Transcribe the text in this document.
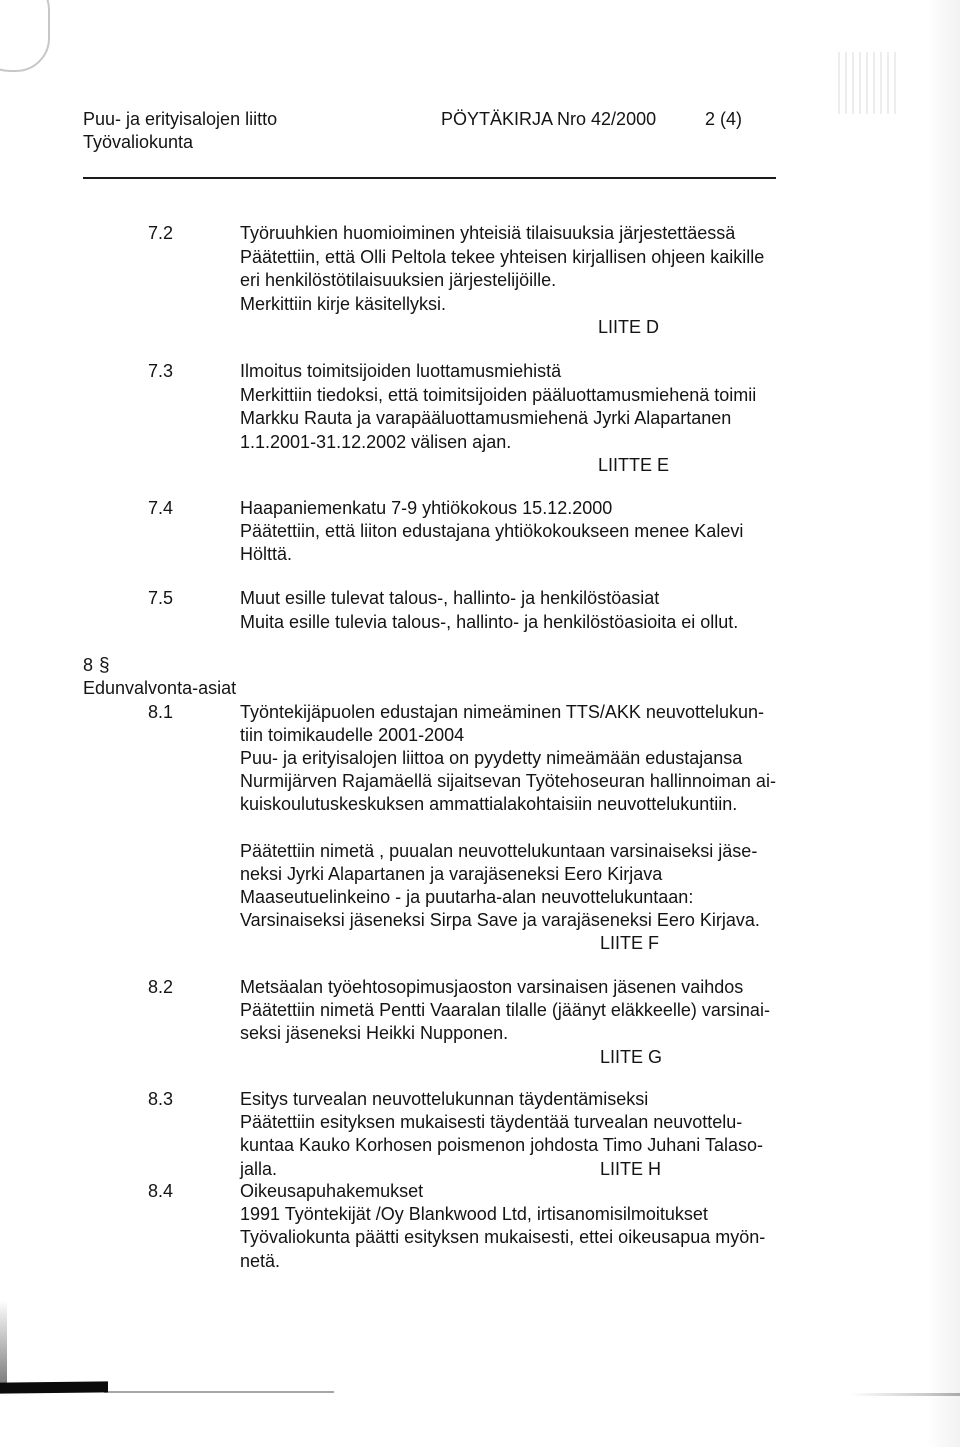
Puu- ja erityisalojen liitto
Työvaliokunta
PÖYTÄKIRJA Nro 42/2000	2 (4)
7.2	Työruuhkien huomioiminen yhteisiä tilaisuuksia järjestettäessä
Päätettiin, että Olli Peltola tekee yhteisen kirjallisen ohjeen kaikille
eri henkilöstötilaisuuksien järjestelijöille.
Merkittiin kirje käsitellyksi.
LIITE D
7.3	Ilmoitus toimitsijoiden luottamusmiehistä
Merkittiin tiedoksi, että toimitsijoiden pääluottamusmiehenä toimii
Markku Rauta ja varapääluottamusmiehenä Jyrki Alapartanen
1.1.2001-31.12.2002 välisen ajan.
LIITTE E
7.4	Haapaniemenkatu 7-9 yhtiökokous 15.12.2000
Päätettiin, että liiton edustajana yhtiökokoukseen menee Kalevi
Hölttä.
7.5	Muut esille tulevat talous-, hallinto- ja henkilöstöasiat
Muita esille tulevia talous-, hallinto- ja henkilöstöasioita ei ollut.
8 §
Edunvalvonta-asiat
8.1	Työntekijäpuolen edustajan nimeäminen TTS/AKK neuvottelukun-
tiin toimikaudelle 2001-2004
Puu- ja erityisalojen liittoa on pyydetty nimeämään edustajansa
Nurmijärven Rajamäellä sijaitsevan Työtehoseuran hallinnoiman ai-
kuiskoulutuskeskuksen ammattialakohtaisiin neuvottelukuntiin.
Päätettiin nimetä , puualan neuvottelukuntaan varsinaiseksi jäse-
neksi Jyrki Alapartanen ja varajäseneksi Eero Kirjava
Maaseutuelinkeino - ja puutarha-alan neuvottelukuntaan:
Varsinaiseksi jäseneksi Sirpa Save ja varajäseneksi Eero Kirjava.
LIITE F
8.2	Metsäalan työehtosopimusjaoston varsinaisen jäsenen vaihdos
Päätettiin nimetä Pentti Vaaralan tilalle (jäänyt eläkkeelle) varsinai-
seksi jäseneksi Heikki Nupponen.
LIITE G
8.3	Esitys turvealan neuvottelukunnan täydentämiseksi
Päätettiin esityksen mukaisesti täydentää turvealan neuvottelu-
kuntaa Kauko Korhosen poismenon johdosta Timo Juhani Talaso-
jalla.	LIITE H
8.4	Oikeusapuhakemukset
1991 Työntekijät /Oy Blankwood Ltd, irtisanomisilmoitukset
Työvaliokunta päätti esityksen mukaisesti, ettei oikeusapua myön-
netä.
